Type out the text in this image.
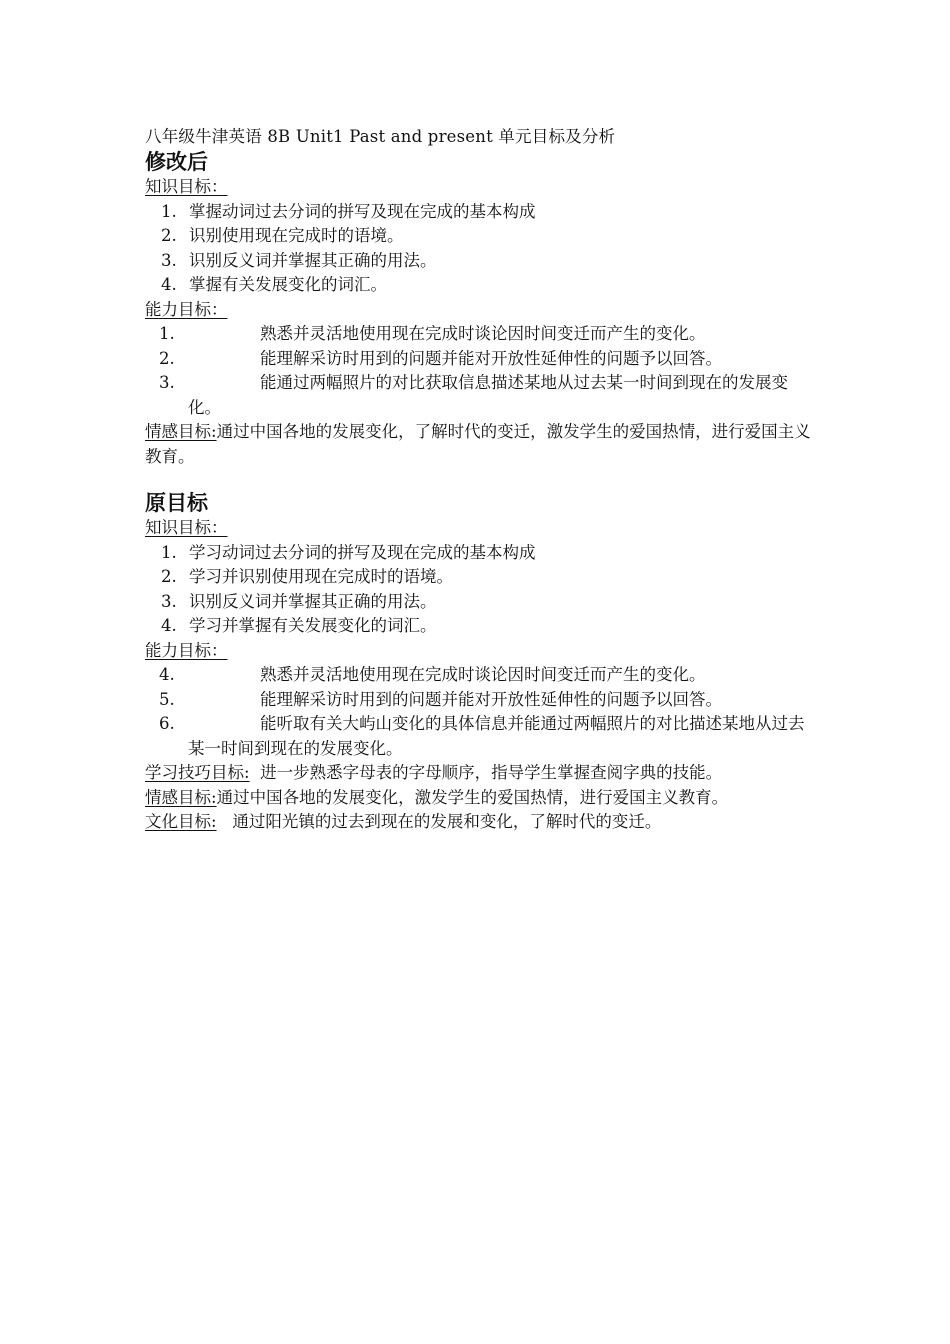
八年级牛津英语 8B Unit1 Past and present 单元目标及分析
修改后
知识目标：
1. 掌握动词过去分词的拼写及现在完成的基本构成
2. 识别使用现在完成时的语境。
3. 识别反义词并掌握其正确的用法。
4. 掌握有关发展变化的词汇。
能力目标：
1.	熟悉并灵活地使用现在完成时谈论因时间变迁而产生的变化。
2.	能理解采访时用到的问题并能对开放性延伸性的问题予以回答。
3.	能通过两幅照片的对比获取信息描述某地从过去某一时间到现在的发展变化。
情感目标:通过中国各地的发展变化，了解时代的变迁，激发学生的爱国热情，进行爱国主义教育。
原目标
知识目标：
1. 学习动词过去分词的拼写及现在完成的基本构成
2. 学习并识别使用现在完成时的语境。
3. 识别反义词并掌握其正确的用法。
4. 学习并掌握有关发展变化的词汇。
能力目标：
4.	熟悉并灵活地使用现在完成时谈论因时间变迁而产生的变化。
5.	能理解采访时用到的问题并能对开放性延伸性的问题予以回答。
6.	能听取有关大屿山变化的具体信息并能通过两幅照片的对比描述某地从过去某一时间到现在的发展变化。
学习技巧目标: 进一步熟悉字母表的字母顺序，指导学生掌握查阅字典的技能。
情感目标:通过中国各地的发展变化，激发学生的爱国热情，进行爱国主义教育。
文化目标: 通过阳光镇的过去到现在的发展和变化，了解时代的变迁。
